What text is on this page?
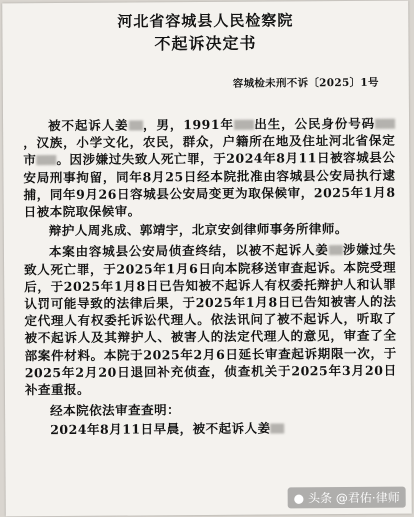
河北省容城县人民检察院
不起诉决定书
容城检未刑不诉〔2025〕1号

被不起诉人姜 ，男，1991年 出生，公民身份号码，汉族，小学文化，农民，群众，户籍所在地及住址河北省保定市 。因涉嫌过失致人死亡罪，于2024年8月11日被容城县公安局刑事拘留，同年8月25日经本院批准由容城县公安局执行逮捕，同年9月26日容城县公安局变更为取保候审，2025年1月8日被本院取保候审。

辩护人周兆成、郭靖宇，北京安剑律师事务所律师。

本案由容城县公安局侦查终结，以被不起诉人姜 涉嫌过失致人死亡罪，于2025年1月6日向本院移送审查起诉。本院受理后，于2025年1月8日已告知被不起诉人有权委托辩护人和认罪认罚可能导致的法律后果，于2025年1月8日已告知被害人的法定代理人有权委托诉讼代理人。依法讯问了被不起诉人，听取了被不起诉人及其辩护人、被害人的法定代理人的意见，审查了全部案件材料。本院于2025年2月6日延长审查起诉期限一次，于2025年2月20日退回补充侦查，侦查机关于2025年3月20日补查重报。

经本院依法审查查明：

2024年8月11日早晨，被不起诉人姜

● 头条 @君佑·律师
